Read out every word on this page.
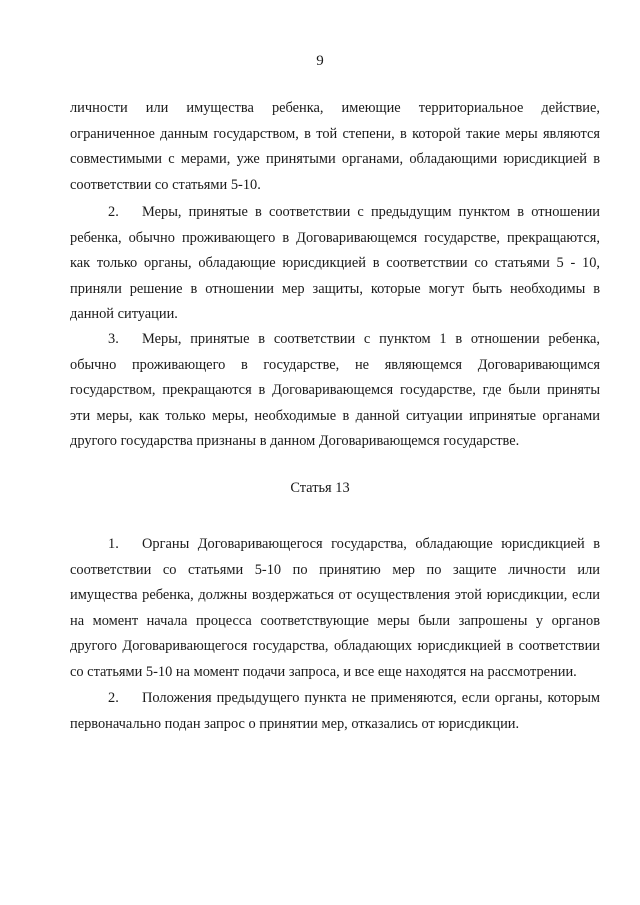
9
личности или имущества ребенка, имеющие территориальное действие,
ограниченное данным государством, в той степени, в которой такие меры являются
совместимыми с мерами, уже принятыми органами, обладающими юрисдикцией в
соответствии со статьями 5-10.
2. Меры, принятые в соответствии с предыдущим пунктом в отношении
ребенка, обычно проживающего в Договаривающемся государстве, прекращаются,
как только органы, обладающие юрисдикцией в соответствии со статьями 5 - 10,
приняли решение в отношении мер защиты, которые могут быть необходимы в
данной ситуации.
3. Меры, принятые в соответствии с пунктом 1 в отношении ребенка,
обычно проживающего в государстве, не являющемся Договаривающимся
государством, прекращаются в Договаривающемся государстве, где были приняты
эти меры, как только меры, необходимые в данной ситуации ипринятые органами
другого государства признаны в данном Договаривающемся государстве.
Статья 13
1. Органы Договаривающегося государства, обладающие юрисдикцией в
соответствии со статьями 5-10 по принятию мер по защите личности или
имущества ребенка, должны воздержаться от осуществления этой юрисдикции, если
на момент начала процесса соответствующие меры были запрошены у органов
другого Договаривающегося государства, обладающих юрисдикцией в соответствии
со статьями 5-10 на момент подачи запроса, и все еще находятся на рассмотрении.
2. Положения предыдущего пункта не применяются, если органы, которым
первоначально подан запрос о принятии мер, отказались от юрисдикции.
